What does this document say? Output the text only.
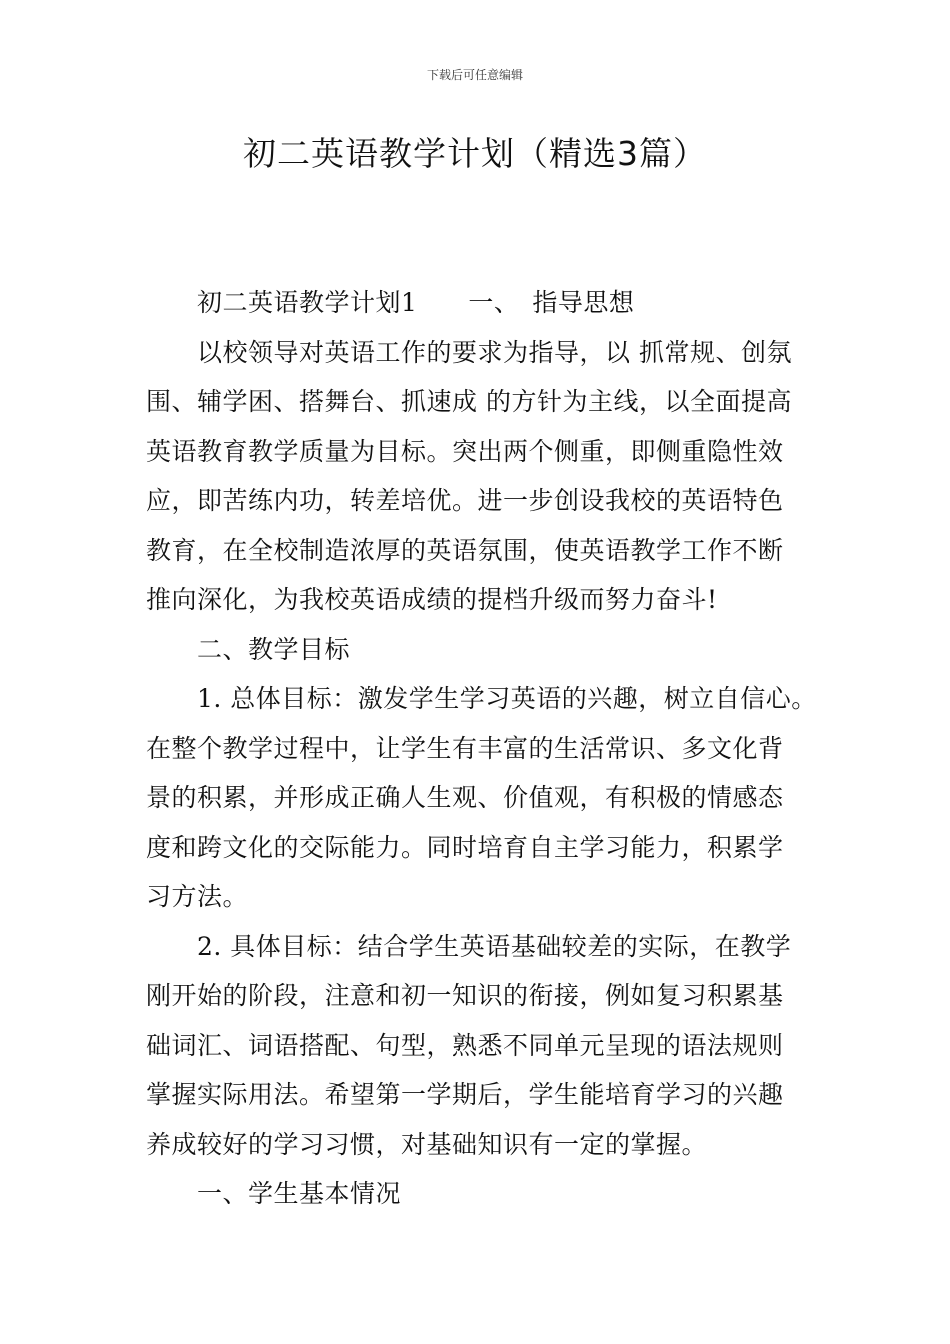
下载后可任意编辑
初二英语教学计划（精选3篇）
初二英语教学计划1　　一、　指导思想
以校领导对英语工作的要求为指导，以 抓常规、创氛
围、辅学困、搭舞台、抓速成 的方针为主线，以全面提高
英语教育教学质量为目标。突出两个侧重，即侧重隐性效
应，即苦练内功，转差培优。进一步创设我校的英语特色
教育，在全校制造浓厚的英语氛围，使英语教学工作不断
推向深化，为我校英语成绩的提档升级而努力奋斗!
二、教学目标
1. 总体目标：激发学生学习英语的兴趣，树立自信心。
在整个教学过程中，让学生有丰富的生活常识、多文化背
景的积累，并形成正确人生观、价值观，有积极的情感态
度和跨文化的交际能力。同时培育自主学习能力，积累学
习方法。
2. 具体目标：结合学生英语基础较差的实际，在教学
刚开始的阶段，注意和初一知识的衔接，例如复习积累基
础词汇、词语搭配、句型，熟悉不同单元呈现的语法规则
掌握实际用法。希望第一学期后，学生能培育学习的兴趣
养成较好的学习习惯，对基础知识有一定的掌握。
一、学生基本情况
